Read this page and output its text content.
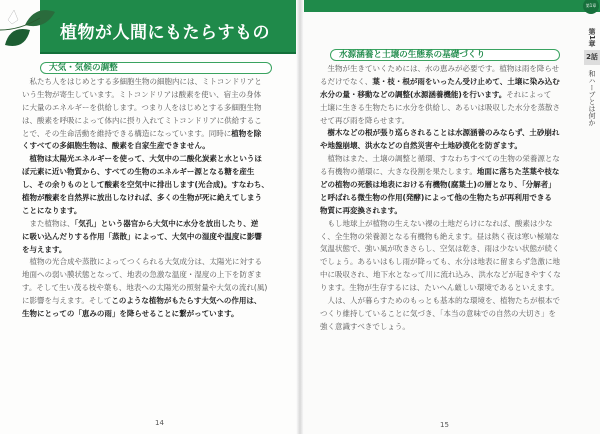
植物が人間にもたらすもの
大気・気候の調整
　私たち人をはじめとする多細胞生物の細胞内には、ミトコンドリアと
いう生物が寄生しています。ミトコンドリアは酸素を使い、宿主の身体
に大量のエネルギーを供給します。つまり人をはじめとする多細胞生物
は、酸素を呼吸によって体内に摂り入れてミトコンドリアに供給するこ
とで、その生命活動を維持できる構造になっています。同時に植物を除
くすべての多細胞生物は、酸素を自家生産できません。
　植物は太陽光エネルギーを使って、大気中の二酸化炭素と水というほ
ぼ元素に近い物質から、すべての生物のエネルギー源となる糖を産生
し、その余りものとして酸素を空気中に排出します(光合成)。すなわち、
植物が酸素を自然界に放出しなければ、多くの生物が死に絶えてしまう
ことになります。
　また植物は、「気孔」という器官から大気中に水分を放出したり、逆
に吸い込んだりする作用「蒸散」によって、大気中の湿度や温度に影響
を与えます。
　植物の光合成や蒸散によってつくられる大気成分は、太陽光に対する
地面への弱い膜状態となって、地表の急激な温度・湿度の上下を防ぎま
す。そして生い茂る枝や葉も、地表への太陽光の照射量や大気の流れ(風)
に影響を与えます。そしてこのような植物がもたらす大気への作用は、
生物にとっての「恵みの雨」を降らせることに繋がっています。
14
第1章
第1章
2話
和ハーブとは何か
水源涵養と土壌の生態系の基礎づくり
　生物が生きていくためには、水の恵みが必要です。植物は雨を降らせ
るだけでなく、葉・枝・根が雨をいったん受け止めて、土壌に染み込む
水分の量・移動などの調整(水源涵養機能)を行います。それによって
土壌に生きる生物たちに水分を供給し、あるいは吸収した水分を蒸散さ
せて再び雨を降らせます。
　樹木などの根が張り巡らされることは水源涵養のみならず、土砂崩れ
や地盤崩壊、洪水などの自然災害や土地砂漠化を防ぎます。
　植物はまた、土壌の調整と循環、すなわちすべての生物の栄養源とな
る有機物の循環に、大きな役割を果たします。地面に落ちた茎葉や枝な
どの植物の死骸は地表における有機物(腐葉土)の層となり、「分解者」
と呼ばれる微生物の作用(発酵)によって他の生物たちが再利用できる
物質に再変換されます。
　もし地球上が植物の生えない裸の土地だらけになれば、酸素は少な
く、全生物の栄養源となる有機物も絶えます。昼は熱く夜は寒い極端な
気温状態で、強い風が吹きさらし、空気は乾き、雨は少ない状態が続く
でしょう。あるいはもし雨が降っても、水分は地表に留まらず急激に地
中に吸収され、地下水となって川に流れ込み、洪水などが起きやすくな
ります。生物が生存するには、たいへん厳しい環境であるといえます。
　人は、人が暮らすためのもっとも基本的な環境を、植物たちが根本で
つくり維持していることに気づき、「本当の意味での自然の大切さ」を
強く意識すべきでしょう。
15
